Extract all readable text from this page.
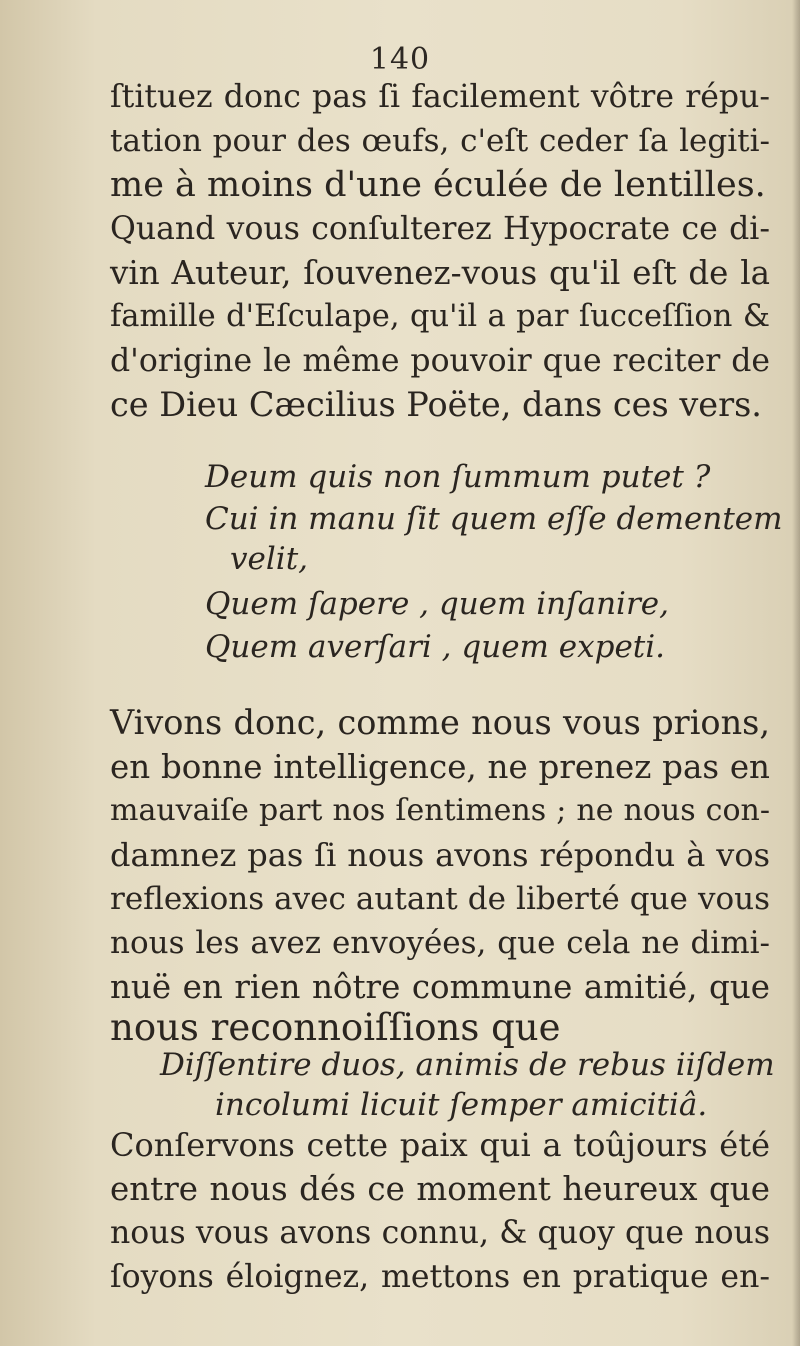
140
ſtituez donc pas ſi facilement vôtre répu-
tation pour des œufs, c'eſt ceder ſa legiti-
me à moins d'une éculée de lentilles.
Quand vous conſulterez Hypocrate ce di-
vin Auteur, ſouvenez-vous qu'il eſt de la
famille d'Eſculape, qu'il a par ſucceſſion &
d'origine le même pouvoir que reciter de
ce Dieu Cæcilius Poëte, dans ces vers.
Deum quis non ſummum putet ?
Cui in manu ſit quem eſſe dementem
velit,
Quem ſapere , quem inſanire,
Quem averſari , quem expeti.
Vivons donc, comme nous vous prions,
en bonne intelligence, ne prenez pas en
mauvaiſe part nos ſentimens ; ne nous con-
damnez pas ſi nous avons répondu à vos
reflexions avec autant de liberté que vous
nous les avez envoyées, que cela ne dimi-
nuë en rien nôtre commune amitié, que
nous reconnoiſſions que
Diſſentire duos, animis de rebus iiſdem
incolumi licuit ſemper amicitiâ.
Conſervons cette paix qui a toûjours été
entre nous dés ce moment heureux que
nous vous avons connu, & quoy que nous
ſoyons éloignez, mettons en pratique en-
